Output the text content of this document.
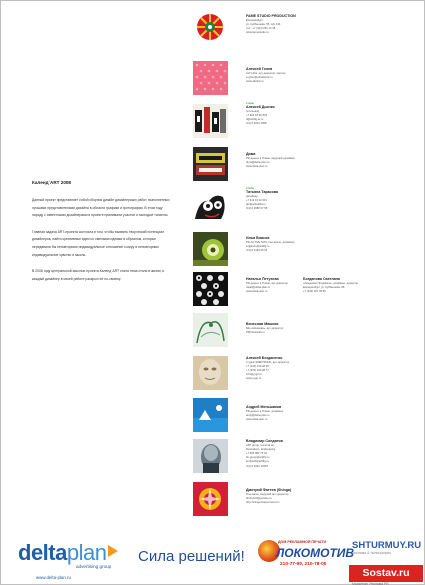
Календ`ART 2008

Данный проект представляет собой сборник дизайн дизайнерских работ, выполненных лучшими представителями дизайна в области графики и фотографии. В этом году наряду с известными дизайнерами в проекте принимали участие и молодые таланты.

Главная задача ART-проекта состояла в том, чтобы выявить творческий потенциал дизайнеров, найти креативные идеи со смелыми идеями в образном, которые передавали бы неповторимо индивидуальное отношение к миру и неповторимо индивидуальное чувство и мысль.

В 2008 году центральной мыслью проекта Календ`ART стала тема стиля в жизни, и каждый дизайнер в своей работе раскрыл ее по-своему.

FAME STUDIO PRODUCTION
Екатеринбург,
ул. Куйбышева, 55, оф. 104
тел.: +7 (343) 251 14 48
www.famestudio.ru
Алексей Голев
ALT-Ultra, арт-директор, мастер
a.golev@ultrafamily.ru
www.altultra.ru
стиль
Алексей Дьячко
(стильное)
+7 904 18 92 833
d@artdfg.ar.ru
ICQ # 2004 4358
Дима
PR-деньги в Плане, ведущий дизайнер
dima@delta-plan.ru
www.delta-plan.ru
стиль
Татьяна Тарасова
дизайнер
+7 912 19 02 615
tari@artuabila.ru
ICQ # 3958 97 58
Илья Власов
PR-ACTIVE NOS, free-lancer, дизайнер
ezjgkazo@artdfg.ru
ICQ # 3443 55 04
Наталья Петухова
PR-деньги в Плане, арт-директор
natali@delta-plan.ru
www.delta-plan.ru
Богданова Светлана
«Академия Продакшн», дизайнер, директор
Екатеринбург, ул. Куйбышева, 88
+7 (343) 367 09 80
Вячеслав Машков
БД «Новикова», арт-директор
PMVfestivals.ru
Алексей Богданенко
студия ЭЛЕКТРОНЬ, арт-директор
+7 (343) 210 48 38
+7 (343) 210 48 77
info@yygo.ru
www.yygo.ru
Андрей Меньшиков
PR-деньги в Плане, дизайнер
andy@delta-plan.ru
www.delta-plan.ru
Владимир Солдатов
ART group, rumenal art,
illustrations, landscaping
+7 966 982 75 42
fm-group@artdfg.ru
andysoft@artdfg.ru
ICQ # 2933 19353
Дмитрий Фатеев (Shinga)
Free-lance, ведущий арт-директор
dmitrykoll@yandex.ru
http://shinga.livejournal.com
deltaplan
advertising group
www.delta-plan.ru
Сила решений!
ДОМ РЕКЛАМНОЙ ПЕЧАТИ
ЛОКОМОТИВ
210-77-99, 210-78-00
SHTURMUY.RU
реклама & полиграфия
Sostav.ru
Маркетинг Реклама PR
